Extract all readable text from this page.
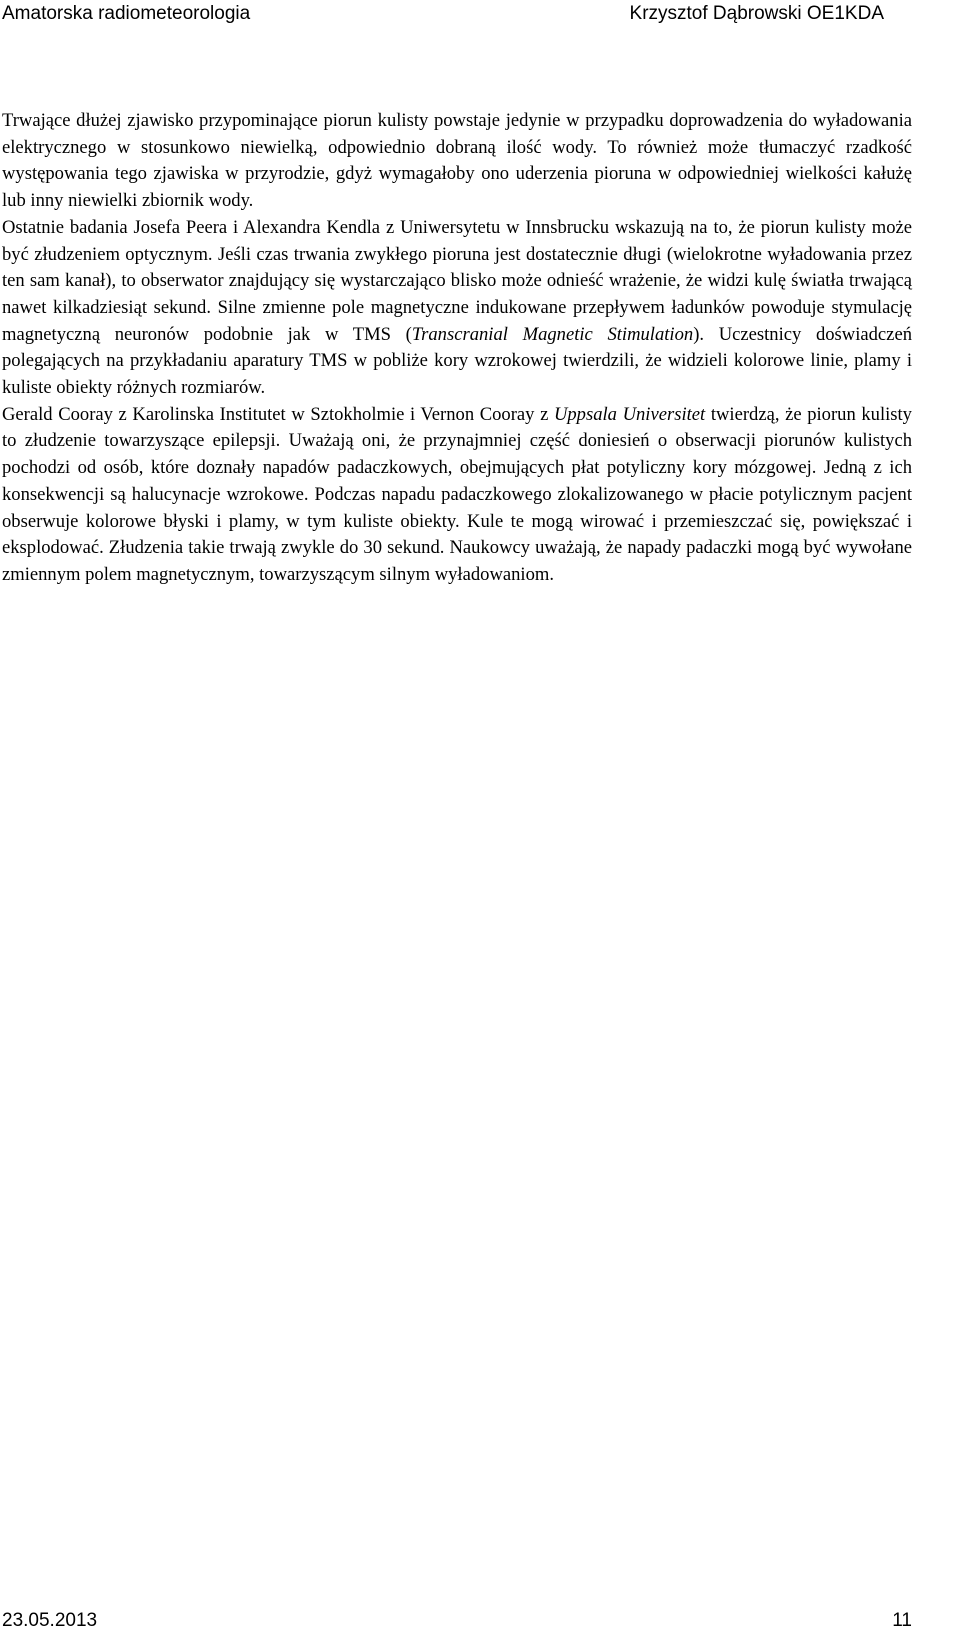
Amatorska radiometeorologia	Krzysztof Dąbrowski OE1KDA

Trwające dłużej zjawisko przypominające piorun kulisty powstaje jedynie w przypadku doprowadzenia do wyładowania elektrycznego w stosunkowo niewielką, odpowiednio dobraną ilość wody. To również może tłumaczyć rzadkość występowania tego zjawiska w przyrodzie, gdyż wymagałoby ono uderzenia pioruna w odpowiedniej wielkości kałużę lub inny niewielki zbiornik wody.

Ostatnie badania Josefa Peera i Alexandra Kendla z Uniwersytetu w Innsbrucku wskazują na to, że piorun kulisty może być złudzeniem optycznym. Jeśli czas trwania zwykłego pioruna jest dostatecznie długi (wielokrotne wyładowania przez ten sam kanał), to obserwator znajdujący się wystarczająco blisko może odnieść wrażenie, że widzi kulę światła trwającą nawet kilkadziesiąt sekund. Silne zmienne pole magnetyczne indukowane przepływem ładunków powoduje stymulację magnetyczną neuronów podobnie jak w TMS (Transcranial Magnetic Stimulation). Uczestnicy doświadczeń polegających na przykładaniu aparatury TMS w pobliże kory wzrokowej twierdzili, że widzieli kolorowe linie, plamy i kuliste obiekty różnych rozmiarów.

Gerald Cooray z Karolinska Institutet w Sztokholmie i Vernon Cooray z Uppsala Universitet twierdzą, że piorun kulisty to złudzenie towarzyszące epilepsji. Uważają oni, że przynajmniej część doniesień o obserwacji piorunów kulistych pochodzi od osób, które doznały napadów padaczkowych, obejmujących płat potyliczny kory mózgowej. Jedną z ich konsekwencji są halucynacje wzrokowe. Podczas napadu padaczkowego zlokalizowanego w płacie potylicznym pacjent obserwuje kolorowe błyski i plamy, w tym kuliste obiekty. Kule te mogą wirować i przemieszczać się, powiększać i eksplodować. Złudzenia takie trwają zwykle do 30 sekund. Naukowcy uważają, że napady padaczki mogą być wywołane zmiennym polem magnetycznym, towarzyszącym silnym wyładowaniom.

23.05.2013	11
